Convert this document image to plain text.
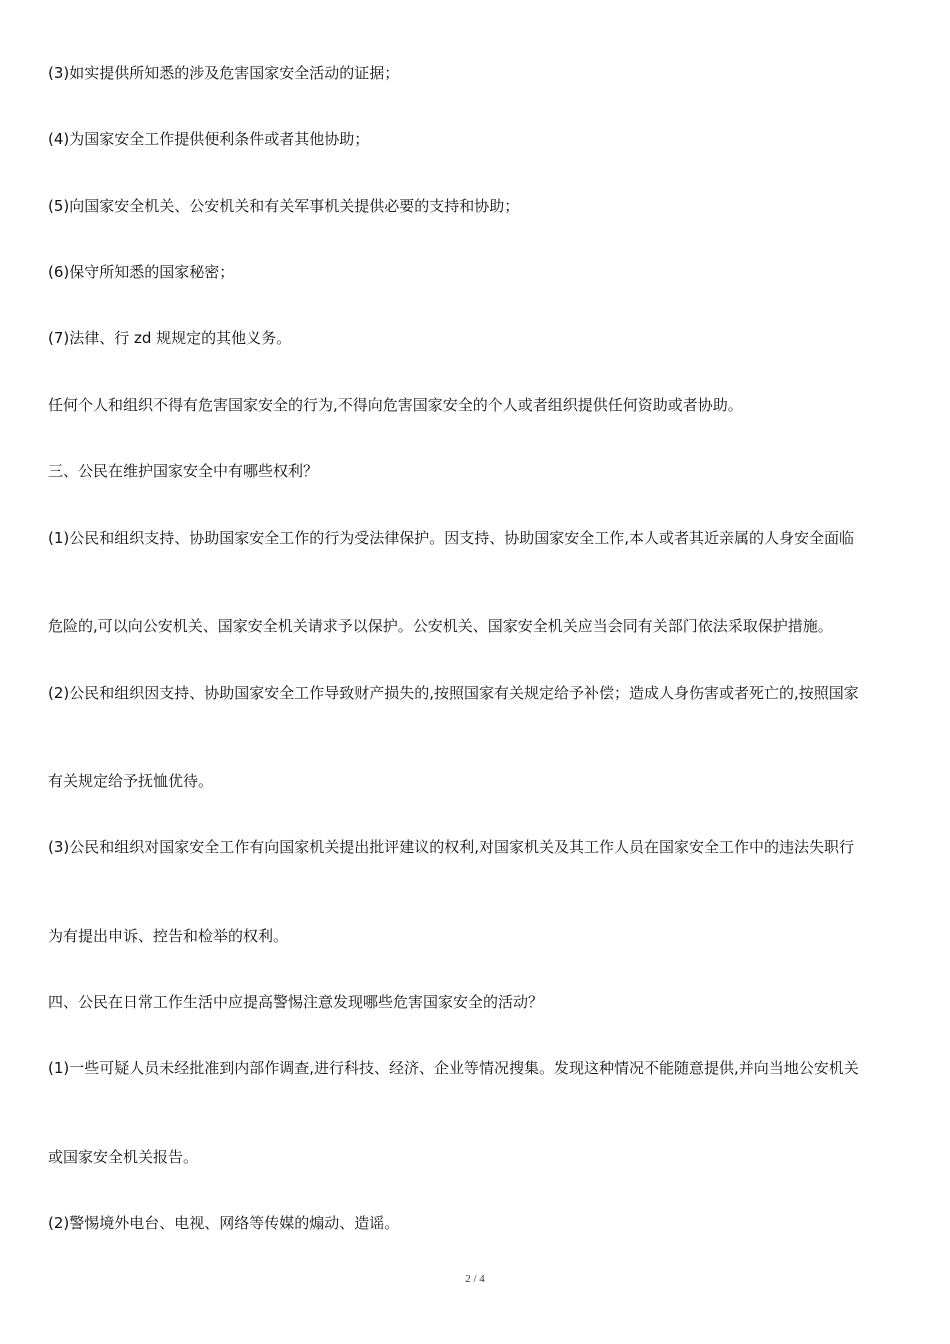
(3)如实提供所知悉的涉及危害国家安全活动的证据；
(4)为国家安全工作提供便利条件或者其他协助；
(5)向国家安全机关、公安机关和有关军事机关提供必要的支持和协助；
(6)保守所知悉的国家秘密；
(7)法律、行 zd 规规定的其他义务。
任何个人和组织不得有危害国家安全的行为,不得向危害国家安全的个人或者组织提供任何资助或者协助。
三、公民在维护国家安全中有哪些权利？
(1)公民和组织支持、协助国家安全工作的行为受法律保护。因支持、协助国家安全工作,本人或者其近亲属的人身安全面临
危险的,可以向公安机关、国家安全机关请求予以保护。公安机关、国家安全机关应当会同有关部门依法采取保护措施。
(2)公民和组织因支持、协助国家安全工作导致财产损失的,按照国家有关规定给予补偿；造成人身伤害或者死亡的,按照国家
有关规定给予抚恤优待。
(3)公民和组织对国家安全工作有向国家机关提出批评建议的权利,对国家机关及其工作人员在国家安全工作中的违法失职行
为有提出申诉、控告和检举的权利。
四、公民在日常工作生活中应提高警惕注意发现哪些危害国家安全的活动？
(1)一些可疑人员未经批准到内部作调查,进行科技、经济、企业等情况搜集。发现这种情况不能随意提供,并向当地公安机关
或国家安全机关报告。
(2)警惕境外电台、电视、网络等传媒的煽动、造谣。
2 / 4
